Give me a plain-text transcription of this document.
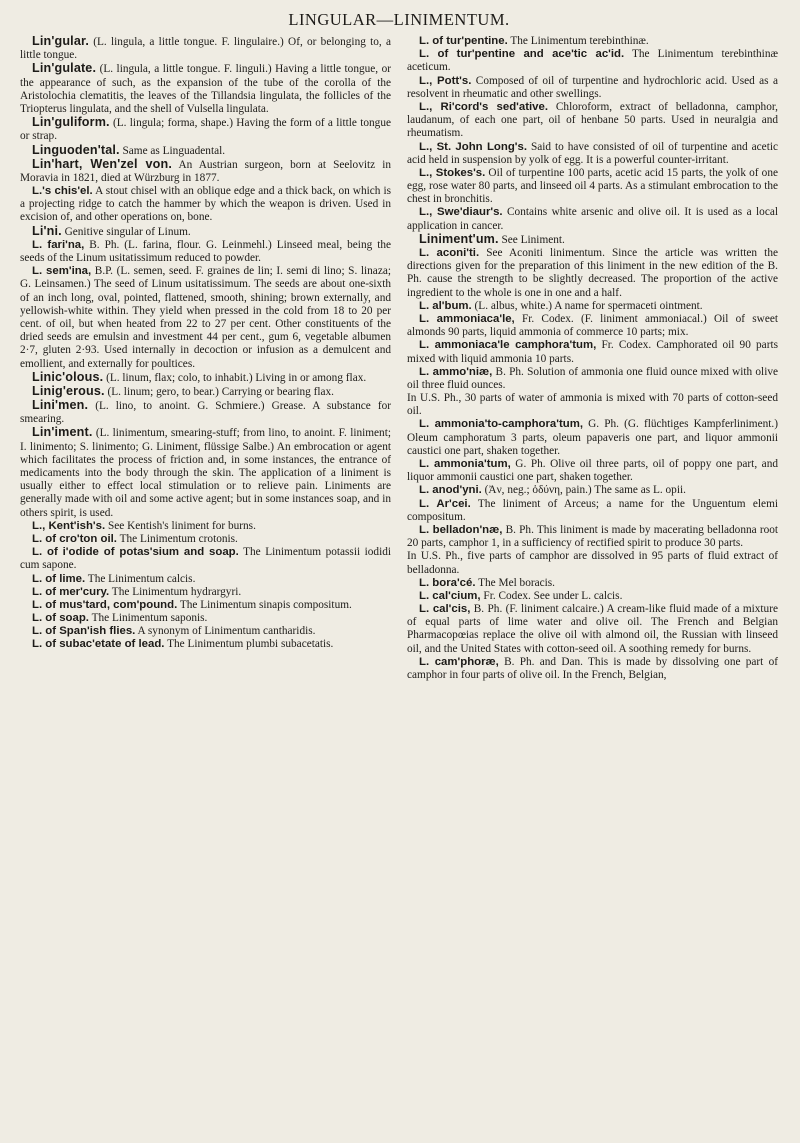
LINGULAR—LINIMENTUM.

Lin'gular. (L. lingula, a little tongue. F. lingulaire.) Of, or belonging to, a little tongue.

Lin'gulate. (L. lingula, a little tongue. F. linguli.) Having a little tongue, or the appearance of such, as the expansion of the tube of the corolla of the Aristolochia clematitis, the leaves of the Tillandsia lingulata, the follicles of the Triopterus lingulata, and the shell of Vulsella lingulata.

Lin'guliform. (L. lingula; forma, shape.) Having the form of a little tongue or strap.

Linguoden'tal. Same as Linguadental.

Lin'hart, Wen'zel von. An Austrian surgeon, born at Seelovitz in Moravia in 1821, died at Würzburg in 1877.

L.'s chis'el. A stout chisel with an oblique edge and a thick back, on which is a projecting ridge to catch the hammer by which the weapon is driven. Used in excision of, and other operations on, bone.

Li'ni. Genitive singular of Linum.

L. fari'na, B. Ph. (L. farina, flour. G. Leinmehl.) Linseed meal, being the seeds of the Linum usitatissimum reduced to powder.

L. sem'ina, B.P. (L. semen, seed. F. graines de lin; I. semi di lino; S. linaza; G. Leinsamen.) The seed of Linum usitatissimum. The seeds are about one-sixth of an inch long, oval, pointed, flattened, smooth, shining; brown externally, and yellowish-white within. They yield when pressed in the cold from 18 to 20 per cent. of oil, but when heated from 22 to 27 per cent. Other constituents of the dried seeds are emulsin and investment 44 per cent., gum 6, vegetable albumen 2·7, gluten 2·93. Used internally in decoction or infusion as a demulcent and emollient, and externally for poultices.

Linic'olous. (L. linum, flax; colo, to inhabit.) Living in or among flax.

Linig'erous. (L. linum; gero, to bear.) Carrying or bearing flax.

Lini'men. (L. lino, to anoint. G. Schmiere.) Grease. A substance for smearing.

Lin'iment. (L. linimentum, smearing-stuff; from lino, to anoint. F. liniment; I. linimento; S. linimento; G. Liniment, flüssige Salbe.) An embrocation or agent which facilitates the process of friction and, in some instances, the entrance of medicaments into the body through the skin. The application of a liniment is usually either to effect local stimulation or to relieve pain. Liniments are generally made with oil and some active agent; but in some instances soap, and in others spirit, is used.

L., Kent'ish's. See Kentish's liniment for burns.

L. of cro'ton oil. The Linimentum crotonis.

L. of i'odide of potas'sium and soap. The Linimentum potassii iodidi cum sapone.

L. of lime. The Linimentum calcis.

L. of mer'cury. The Linimentum hydrargyri.

L. of mus'tard, com'pound. The Linimentum sinapis compositum.

L. of soap. The Linimentum saponis.

L. of Span'ish flies. A synonym of Linimentum cantharidis.

L. of subac'etate of lead. The Linimentum plumbi subacetatis.

L. of tur'pentine. The Linimentum terebinthinæ.

L. of tur'pentine and ace'tic ac'id. The Linimentum terebinthinæ aceticum.

L., Pott's. Composed of oil of turpentine and hydrochloric acid. Used as a resolvent in rheumatic and other swellings.

L., Ri'cord's sed'ative. Chloroform, extract of belladonna, camphor, laudanum, of each one part, oil of henbane 50 parts. Used in neuralgia and rheumatism.

L., St. John Long's. Said to have consisted of oil of turpentine and acetic acid held in suspension by yolk of egg. It is a powerful counter-irritant.

L., Stokes's. Oil of turpentine 100 parts, acetic acid 15 parts, the yolk of one egg, rose water 80 parts, and linseed oil 4 parts. As a stimulant embrocation to the chest in bronchitis.

L., Swe'diaur's. Contains white arsenic and olive oil. It is used as a local application in cancer.

Liniment'um. See Liniment.

L. aconi'ti. See Aconiti linimentum. Since the article was written the directions given for the preparation of this liniment in the new edition of the B. Ph. cause the strength to be slightly decreased. The proportion of the active ingredient to the whole is one in one and a half.

L. al'bum. (L. albus, white.) A name for spermaceti ointment.

L. ammoniaca'le, Fr. Codex. (F. liniment ammoniacal.) Oil of sweet almonds 90 parts, liquid ammonia of commerce 10 parts; mix.

L. ammoniaca'le camphora'tum, Fr. Codex. Camphorated oil 90 parts mixed with liquid ammonia 10 parts.

L. ammo'niæ, B. Ph. Solution of ammonia one fluid ounce mixed with olive oil three fluid ounces.
In U.S. Ph., 30 parts of water of ammonia is mixed with 70 parts of cotton-seed oil.

L. ammonia'to-camphora'tum, G. Ph. (G. flüchtiges Kampferliniment.) Oleum camphoratum 3 parts, oleum papaveris one part, and liquor ammonii caustici one part, shaken together.

L. ammonia'tum, G. Ph. Olive oil three parts, oil of poppy one part, and liquor ammonii caustici one part, shaken together.

L. anod'yni. (Ἀν, neg.; ὀδύνη, pain.) The same as L. opii.

L. Ar'cei. The liniment of Arceus; a name for the Unguentum elemi compositum.

L. belladon'næ, B. Ph. This liniment is made by macerating belladonna root 20 parts, camphor 1, in a sufficiency of rectified spirit to produce 30 parts.
In U.S. Ph., five parts of camphor are dissolved in 95 parts of fluid extract of belladonna.

L. bora'cé. The Mel boracis.

L. cal'cium, Fr. Codex. See under L. calcis.

L. cal'cis, B. Ph. (F. liniment calcaire.) A cream-like fluid made of a mixture of equal parts of lime water and olive oil. The French and Belgian Pharmacopœias replace the olive oil with almond oil, the Russian with linseed oil, and the United States with cotton-seed oil. A soothing remedy for burns.

L. cam'phoræ, B. Ph. and Dan. This is made by dissolving one part of camphor in four parts of olive oil. In the French, Belgian,
